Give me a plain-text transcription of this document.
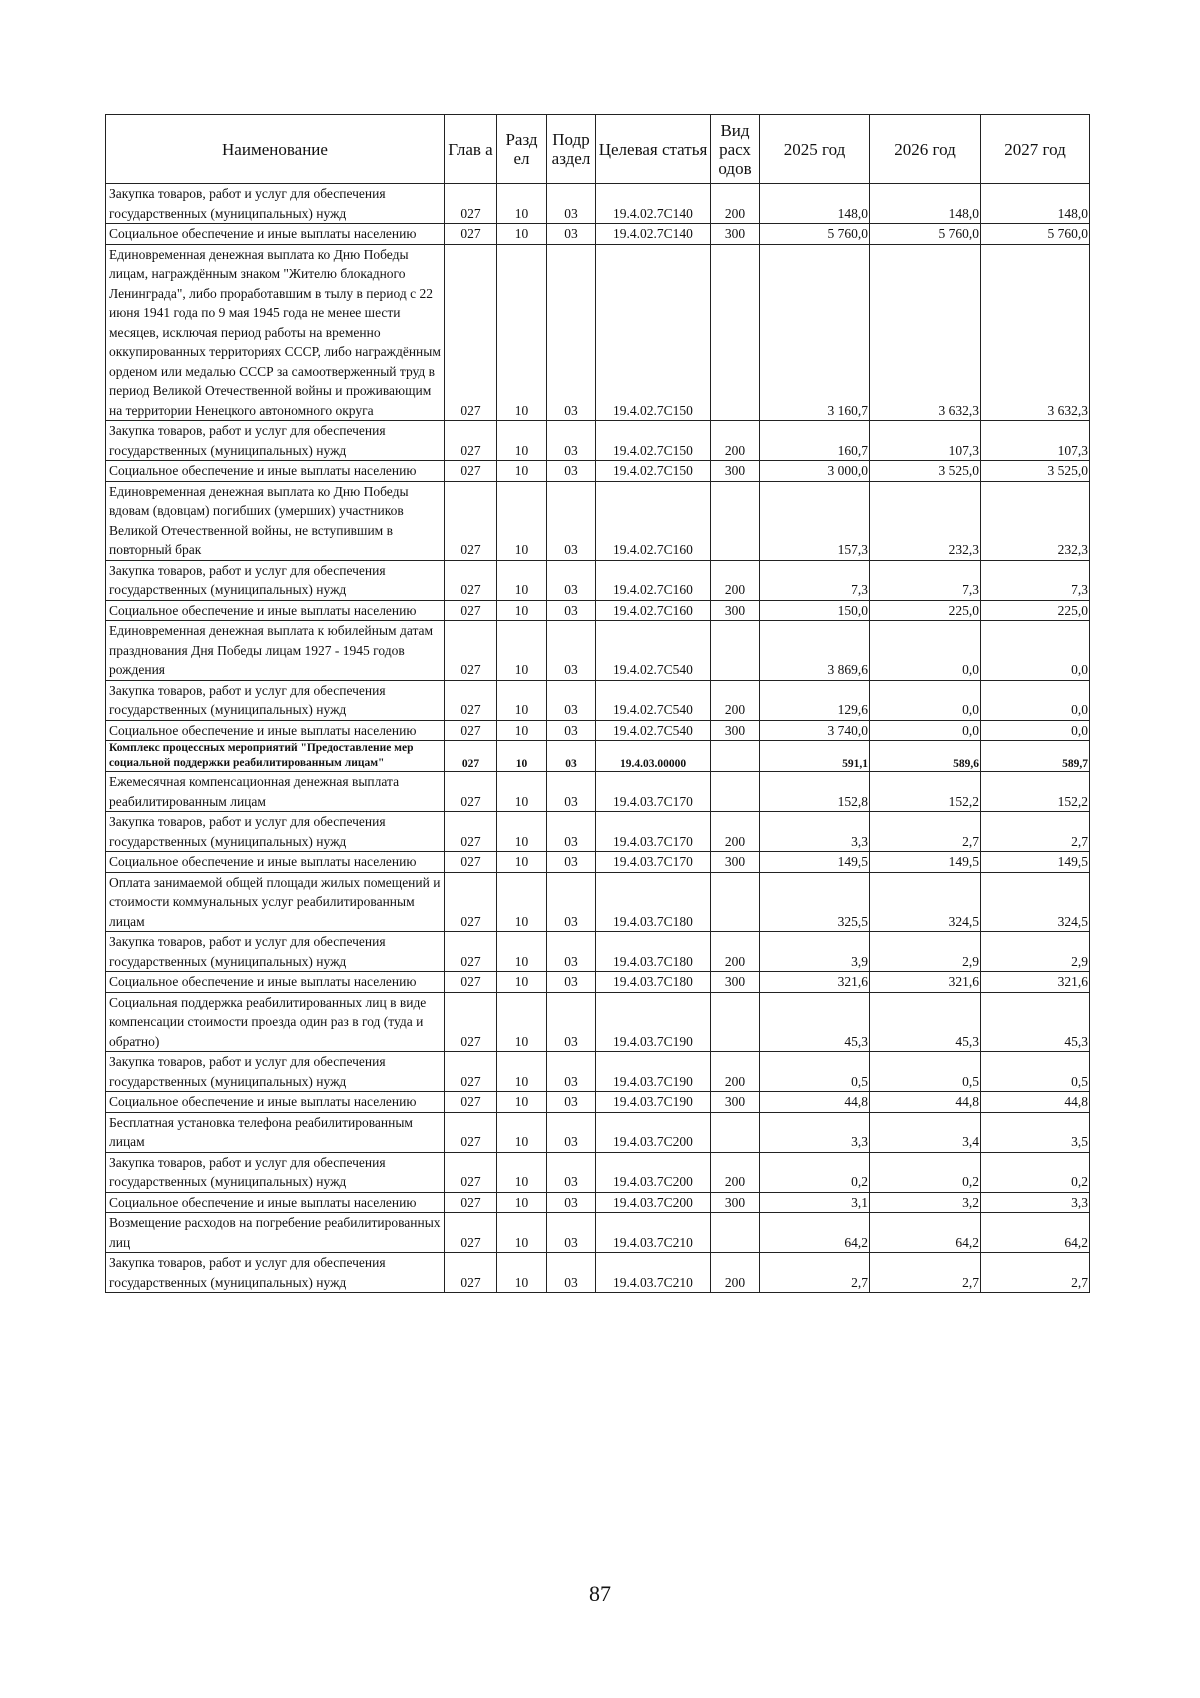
Наименование	Глав а	Разд ел	Подр аздел	Целевая статья	Вид расх одов	2025 год	2026 год	2027 год
Закупка товаров, работ и услуг для обеспечения государственных (муниципальных) нужд	027	10	03	19.4.02.7С140	200	148,0	148,0	148,0
Социальное обеспечение и иные выплаты населению	027	10	03	19.4.02.7С140	300	5 760,0	5 760,0	5 760,0
Единовременная денежная выплата ко Дню Победы лицам, награждённым знаком "Жителю блокадного Ленинграда", либо проработавшим в тылу в период с 22 июня 1941 года по 9 мая 1945 года не менее шести месяцев, исключая период работы на временно оккупированных территориях СССР, либо награждённым орденом или медалью СССР за самоотверженный труд в период Великой Отечественной войны и проживающим на территории Ненецкого автономного округа	027	10	03	19.4.02.7С150		3 160,7	3 632,3	3 632,3
Закупка товаров, работ и услуг для обеспечения государственных (муниципальных) нужд	027	10	03	19.4.02.7С150	200	160,7	107,3	107,3
Социальное обеспечение и иные выплаты населению	027	10	03	19.4.02.7С150	300	3 000,0	3 525,0	3 525,0
Единовременная денежная выплата ко Дню Победы вдовам (вдовцам) погибших (умерших) участников Великой Отечественной войны, не вступившим в повторный брак	027	10	03	19.4.02.7С160		157,3	232,3	232,3
Закупка товаров, работ и услуг для обеспечения государственных (муниципальных) нужд	027	10	03	19.4.02.7С160	200	7,3	7,3	7,3
Социальное обеспечение и иные выплаты населению	027	10	03	19.4.02.7С160	300	150,0	225,0	225,0
Единовременная денежная выплата к юбилейным датам празднования Дня Победы лицам 1927 - 1945 годов рождения	027	10	03	19.4.02.7С540		3 869,6	0,0	0,0
Закупка товаров, работ и услуг для обеспечения государственных (муниципальных) нужд	027	10	03	19.4.02.7С540	200	129,6	0,0	0,0
Социальное обеспечение и иные выплаты населению	027	10	03	19.4.02.7С540	300	3 740,0	0,0	0,0
Комплекс процессных мероприятий "Предоставление мер социальной поддержки реабилитированным лицам"	027	10	03	19.4.03.00000		591,1	589,6	589,7
Ежемесячная компенсационная денежная выплата реабилитированным лицам	027	10	03	19.4.03.7С170		152,8	152,2	152,2
Закупка товаров, работ и услуг для обеспечения государственных (муниципальных) нужд	027	10	03	19.4.03.7С170	200	3,3	2,7	2,7
Социальное обеспечение и иные выплаты населению	027	10	03	19.4.03.7С170	300	149,5	149,5	149,5
Оплата занимаемой общей площади жилых помещений и стоимости коммунальных услуг реабилитированным лицам	027	10	03	19.4.03.7С180		325,5	324,5	324,5
Закупка товаров, работ и услуг для обеспечения государственных (муниципальных) нужд	027	10	03	19.4.03.7С180	200	3,9	2,9	2,9
Социальное обеспечение и иные выплаты населению	027	10	03	19.4.03.7С180	300	321,6	321,6	321,6
Социальная поддержка реабилитированных лиц в виде компенсации стоимости проезда один раз в год (туда и обратно)	027	10	03	19.4.03.7С190		45,3	45,3	45,3
Закупка товаров, работ и услуг для обеспечения государственных (муниципальных) нужд	027	10	03	19.4.03.7С190	200	0,5	0,5	0,5
Социальное обеспечение и иные выплаты населению	027	10	03	19.4.03.7С190	300	44,8	44,8	44,8
Бесплатная установка телефона реабилитированным лицам	027	10	03	19.4.03.7С200		3,3	3,4	3,5
Закупка товаров, работ и услуг для обеспечения государственных (муниципальных) нужд	027	10	03	19.4.03.7С200	200	0,2	0,2	0,2
Социальное обеспечение и иные выплаты населению	027	10	03	19.4.03.7С200	300	3,1	3,2	3,3
Возмещение расходов на погребение реабилитированных лиц	027	10	03	19.4.03.7С210		64,2	64,2	64,2
Закупка товаров, работ и услуг для обеспечения государственных (муниципальных) нужд	027	10	03	19.4.03.7С210	200	2,7	2,7	2,7
87
